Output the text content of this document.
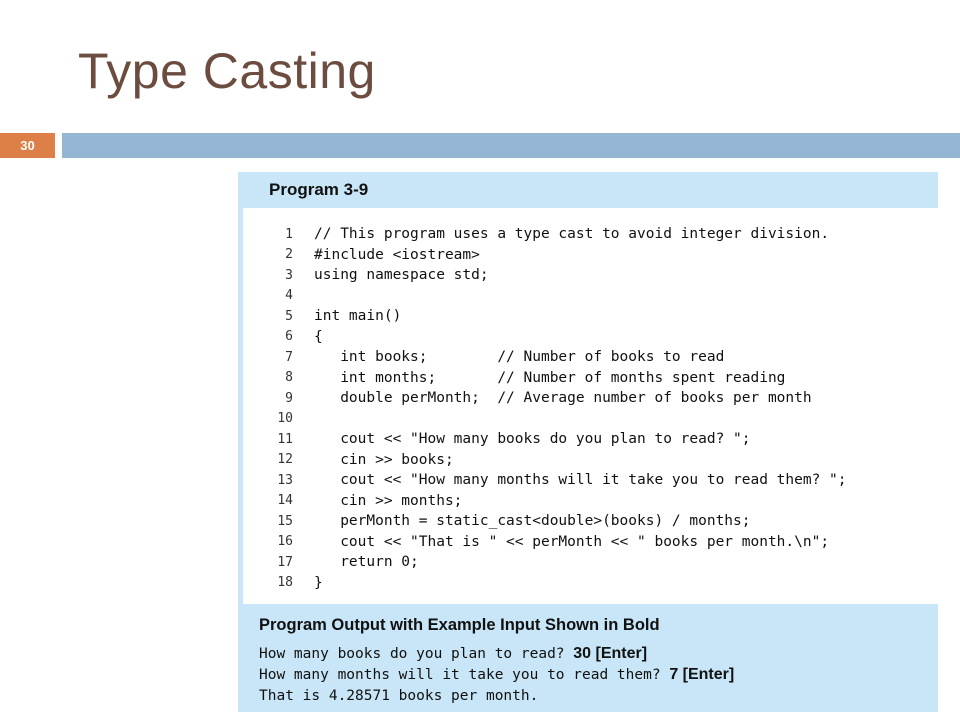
Type Casting
30
Program 3-9
1	// This program uses a type cast to avoid integer division.
2	#include <iostream>
3	using namespace std;
4
5	int main()
6	{
7	int books;        // Number of books to read
8	int months;       // Number of months spent reading
9	double perMonth;  // Average number of books per month
10
11	cout << "How many books do you plan to read? ";
12	cin >> books;
13	cout << "How many months will it take you to read them? ";
14	cin >> months;
15	perMonth = static_cast<double>(books) / months;
16	cout << "That is " << perMonth << " books per month.\n";
17	return 0;
18	}
Program Output with Example Input Shown in Bold
How many books do you plan to read? 30 [Enter]
How many months will it take you to read them? 7 [Enter]
That is 4.28571 books per month.
